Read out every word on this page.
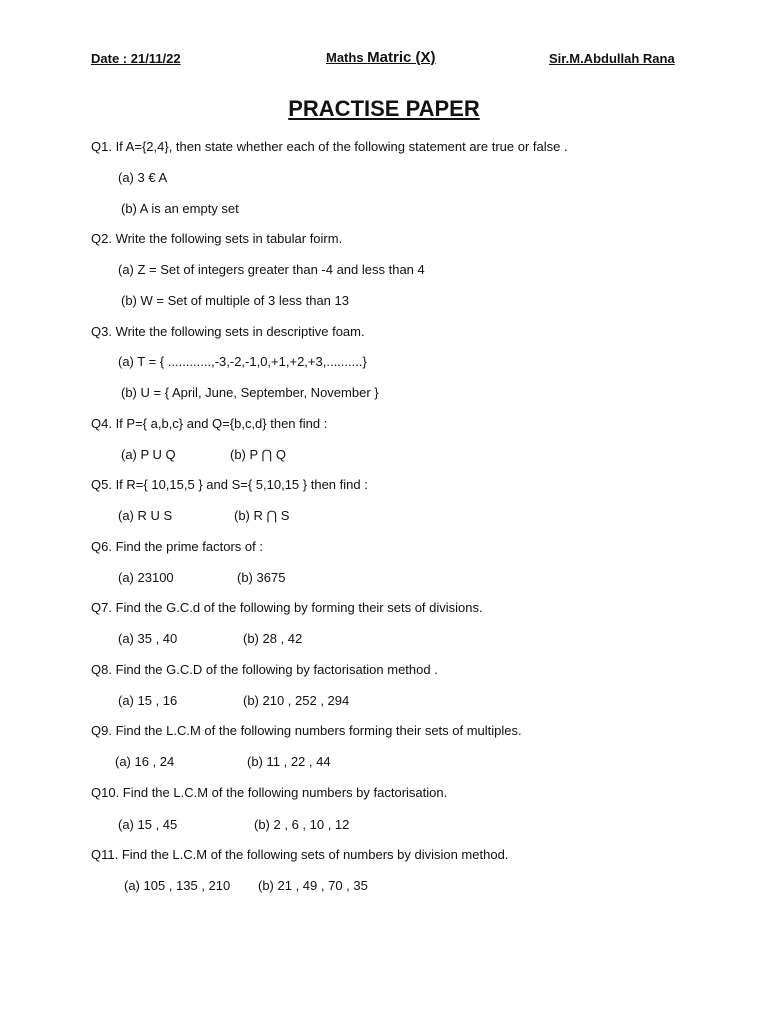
Date : 21/11/22	Maths Matric (X)	Sir.M.Abdullah Rana
PRACTISE PAPER
Q1. If A={2,4}, then state whether each of the following statement are true or false .
(a) 3 € A
(b) A is an empty set
Q2. Write the following sets in tabular foirm.
(a) Z = Set of integers greater than -4 and less than 4
(b) W = Set of multiple of 3 less than 13
Q3. Write the following sets in descriptive foam.
(a) T = { ............,-3,-2,-1,0,+1,+2,+3,..........}
(b) U = { April, June, September, November }
Q4. If P={ a,b,c} and Q={b,c,d} then find :
(a) P U Q	(b) P ⋂ Q
Q5. If R={ 10,15,5 } and S={ 5,10,15 } then find :
(a) R U S	(b) R ⋂ S
Q6. Find the prime factors of :
(a) 23100	(b) 3675
Q7. Find the G.C.d of the following by forming their sets of divisions.
(a) 35 , 40	(b) 28 , 42
Q8. Find the G.C.D of the following by factorisation method .
(a) 15 , 16	(b) 210 , 252 , 294
Q9. Find the L.C.M of the following numbers forming their sets of multiples.
(a) 16 , 24	(b) 11 , 22 , 44
Q10. Find the L.C.M of the following numbers by factorisation.
(a) 15 , 45	(b) 2 , 6 , 10 , 12
Q11. Find the L.C.M of the following sets of numbers by division method.
(a) 105 , 135 , 210 (b) 21 , 49 , 70 , 35
